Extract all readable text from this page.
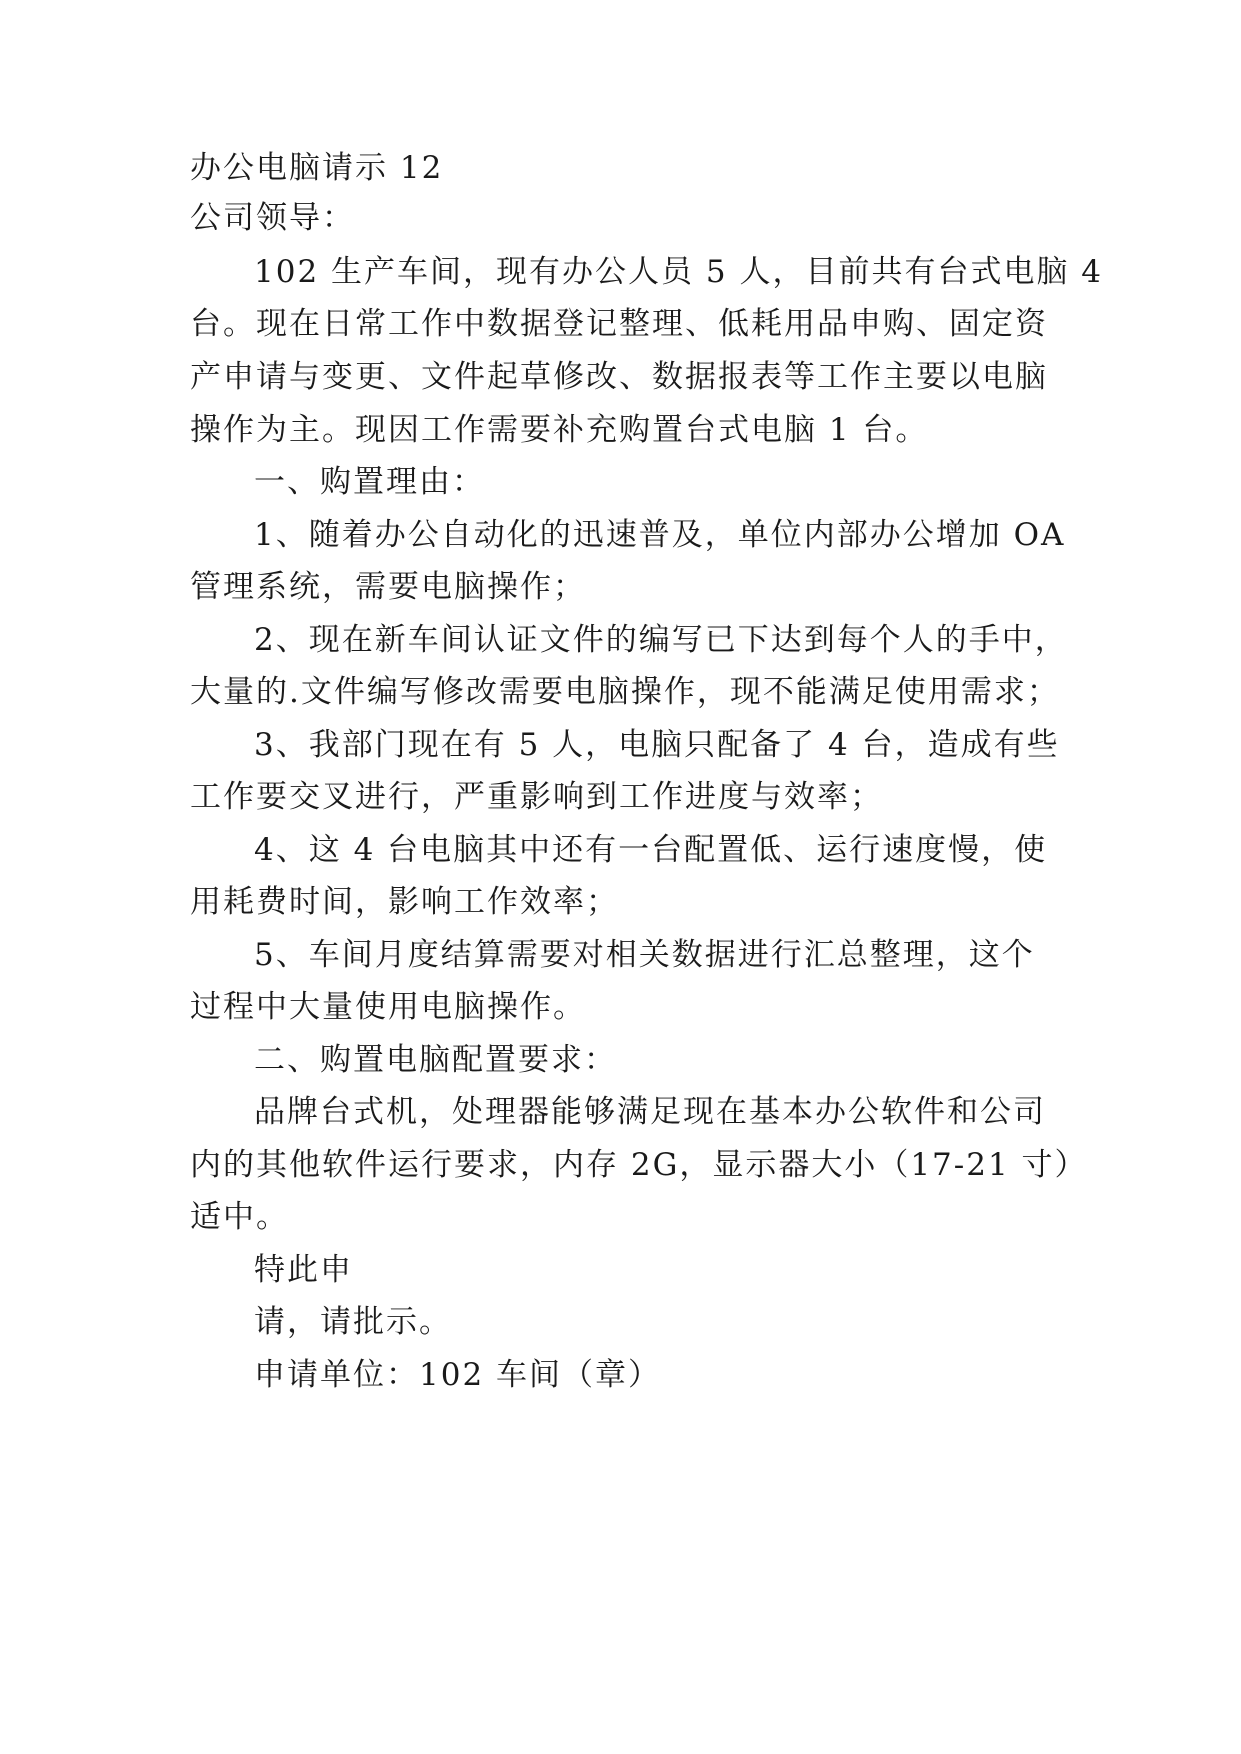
办公电脑请示 12
公司领导：
102 生产车间，现有办公人员 5 人，目前共有台式电脑 4
台。现在日常工作中数据登记整理、低耗用品申购、固定资
产申请与变更、文件起草修改、数据报表等工作主要以电脑
操作为主。现因工作需要补充购置台式电脑 1 台。
一、购置理由：
1、随着办公自动化的迅速普及，单位内部办公增加 OA
管理系统，需要电脑操作；
2、现在新车间认证文件的编写已下达到每个人的手中，
大量的.文件编写修改需要电脑操作，现不能满足使用需求；
3、我部门现在有 5 人，电脑只配备了 4 台，造成有些
工作要交叉进行，严重影响到工作进度与效率；
4、这 4 台电脑其中还有一台配置低、运行速度慢，使
用耗费时间，影响工作效率；
5、车间月度结算需要对相关数据进行汇总整理，这个
过程中大量使用电脑操作。
二、购置电脑配置要求：
品牌台式机，处理器能够满足现在基本办公软件和公司
内的其他软件运行要求，内存 2G，显示器大小（17-21 寸）
适中。
特此申
请，请批示。
申请单位：102 车间（章）
